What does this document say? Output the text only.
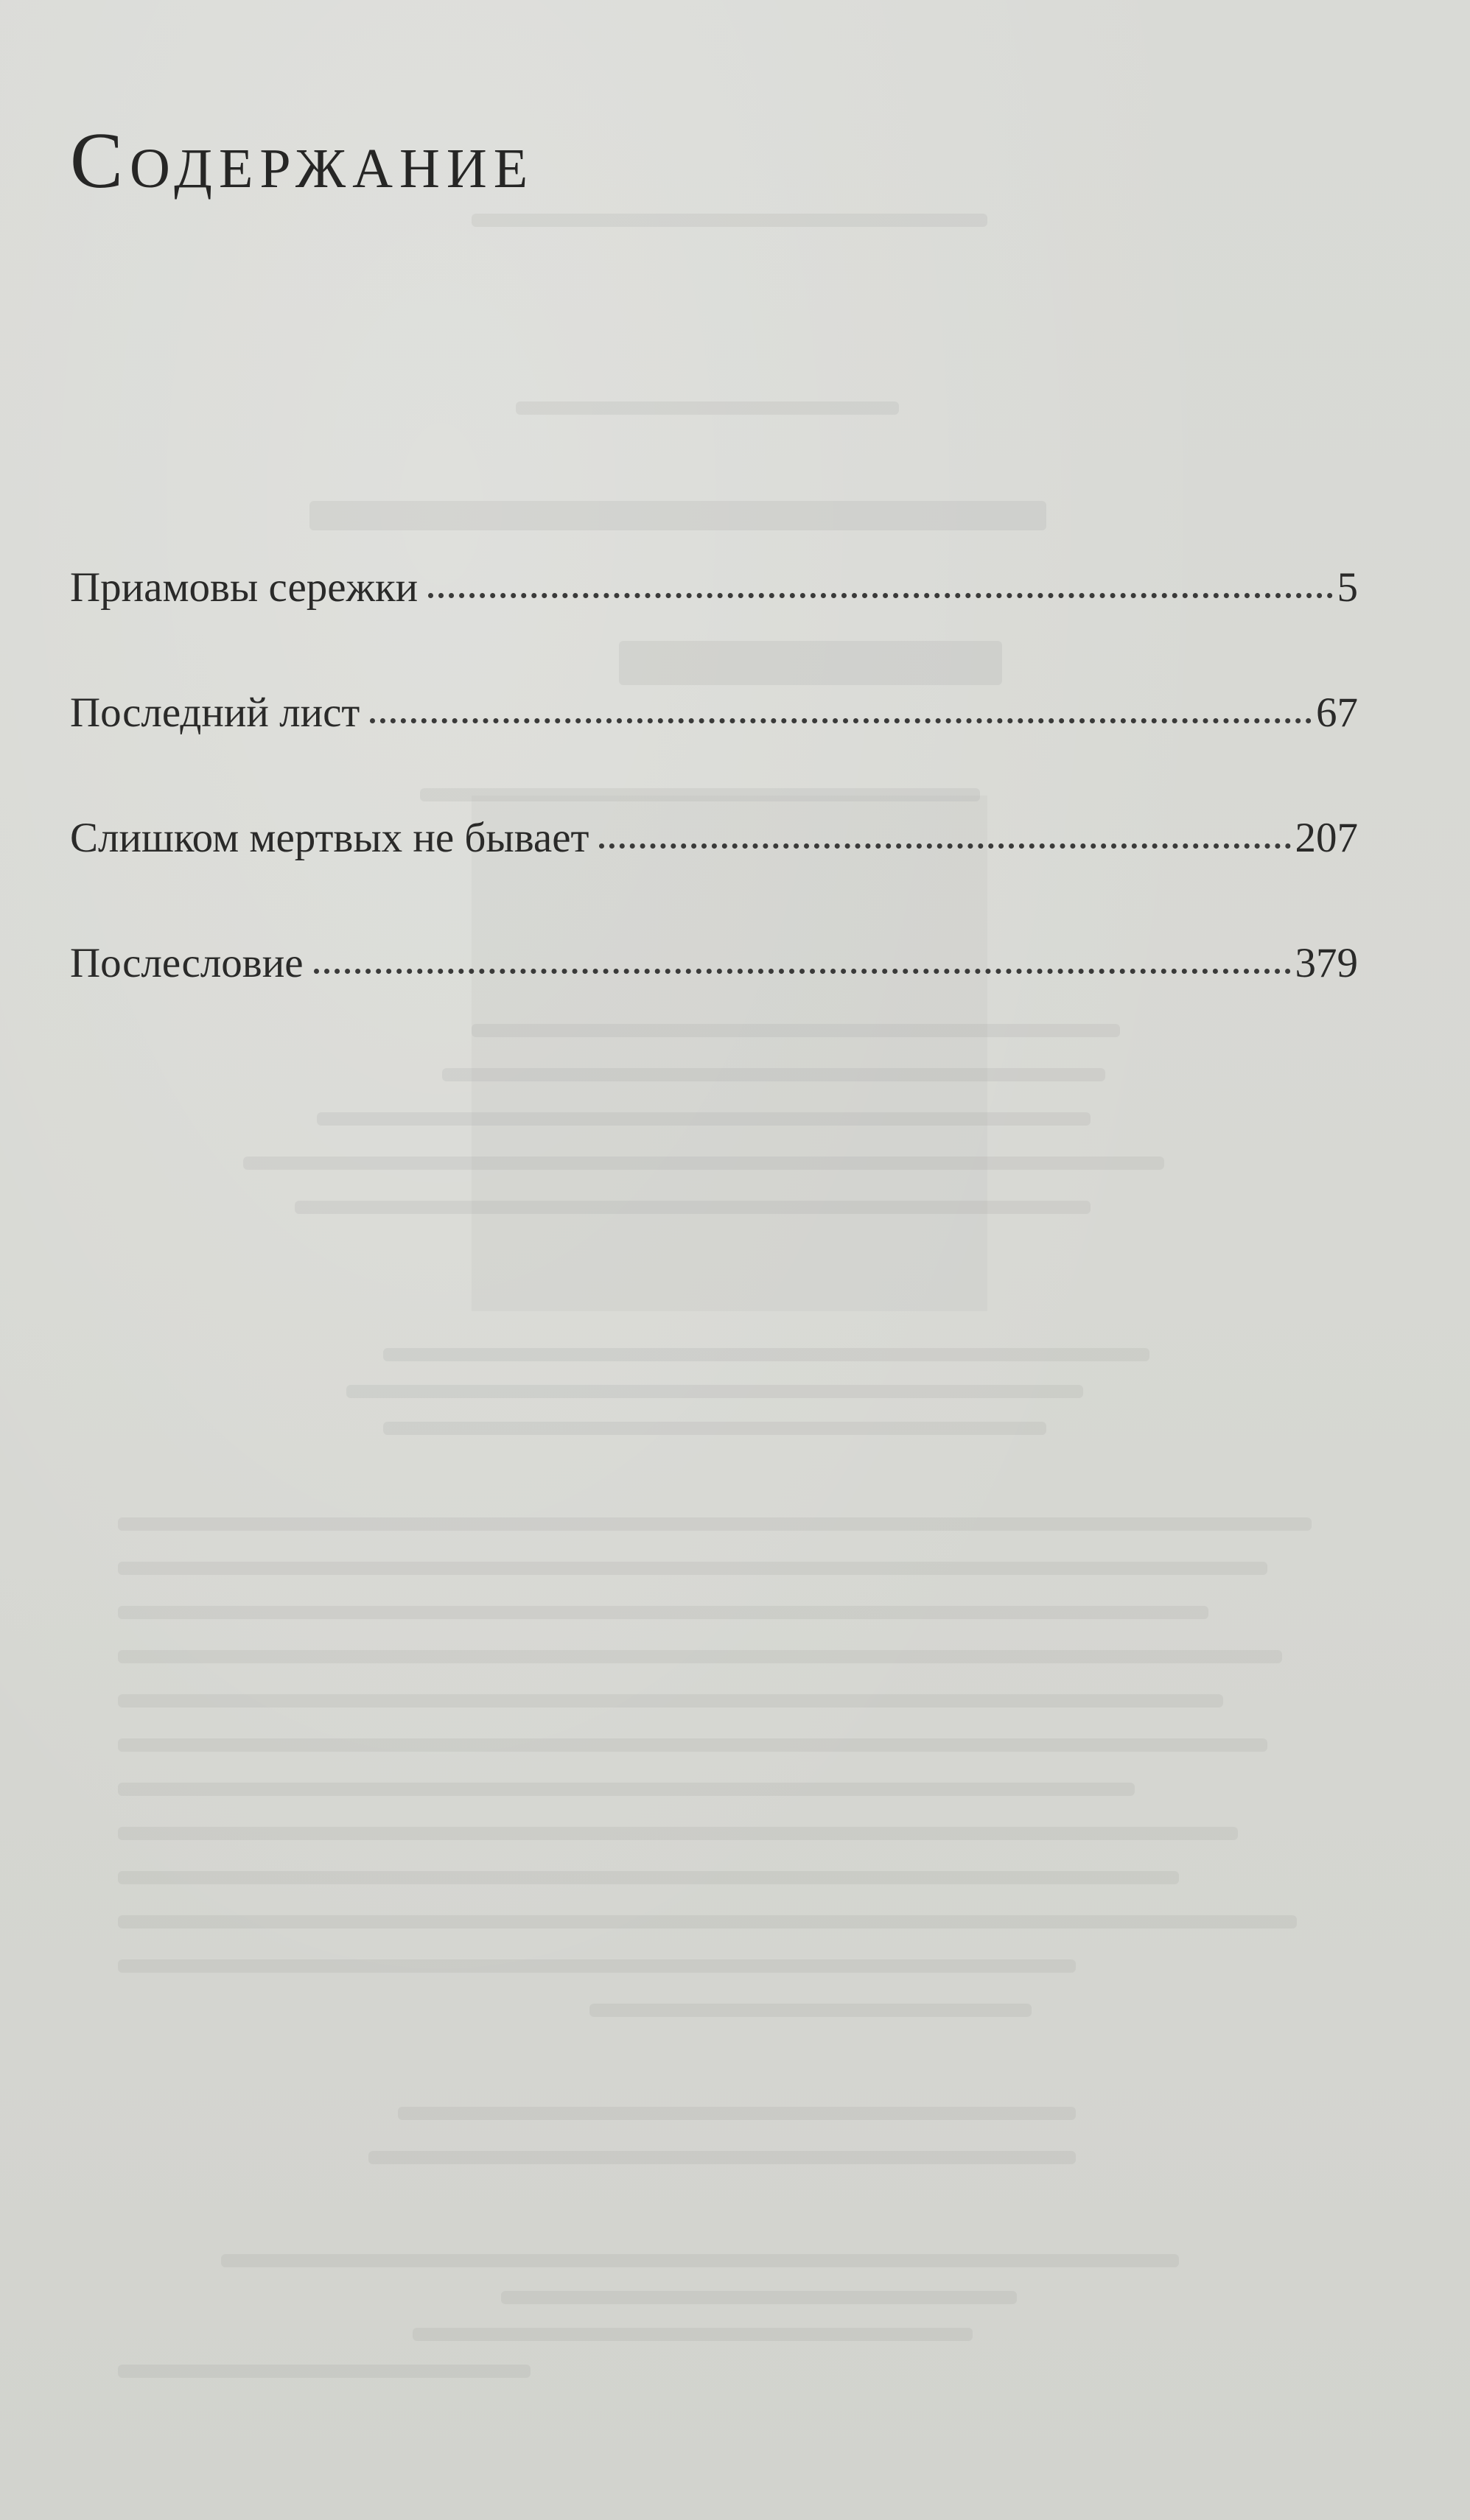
Содержание
Приамовы сережки	5
Последний лист	67
Слишком мертвых не бывает	207
Послесловие	379
